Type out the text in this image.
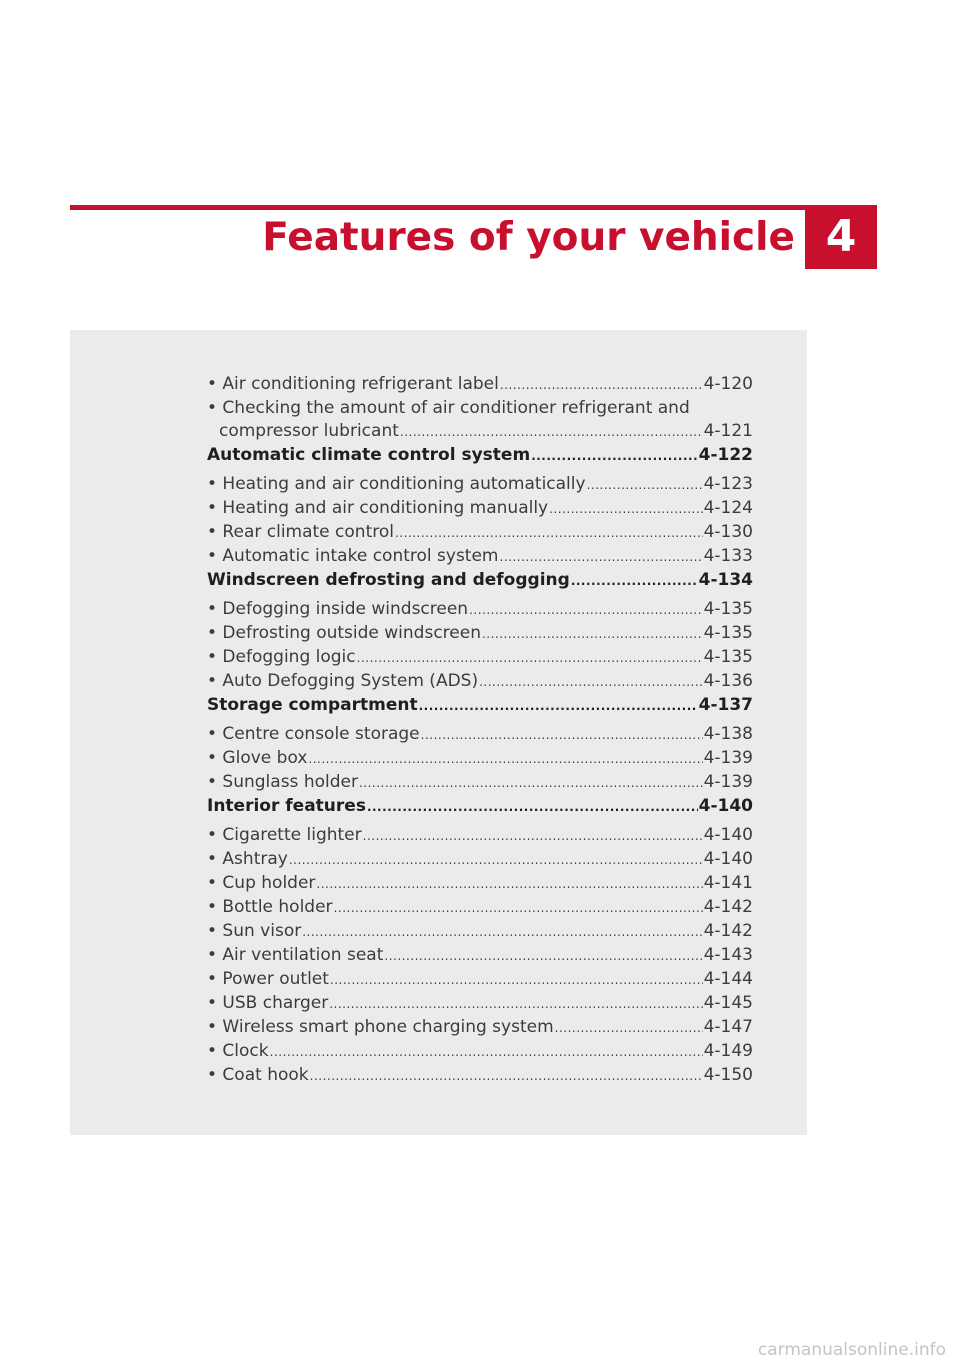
Features of your vehicle 4
• Air conditioning refrigerant label .....	4-120
• Checking the amount of air conditioner refrigerant and
compressor lubricant .....	4-121
Automatic climate control system .....	4-122
• Heating and air conditioning automatically .....	4-123
• Heating and air conditioning manually .....	4-124
• Rear climate control .....	4-130
• Automatic intake control system .....	4-133
Windscreen defrosting and defogging .....	4-134
• Defogging inside windscreen .....	4-135
• Defrosting outside windscreen .....	4-135
• Defogging logic .....	4-135
• Auto Defogging System (ADS) .....	4-136
Storage compartment .....	4-137
• Centre console storage .....	4-138
• Glove box .....	4-139
• Sunglass holder .....	4-139
Interior features .....	4-140
• Cigarette lighter .....	4-140
• Ashtray .....	4-140
• Cup holder .....	4-141
• Bottle holder .....	4-142
• Sun visor .....	4-142
• Air ventilation seat .....	4-143
• Power outlet .....	4-144
• USB charger .....	4-145
• Wireless smart phone charging system .....	4-147
• Clock .....	4-149
• Coat hook .....	4-150
carmanualsonline.info
